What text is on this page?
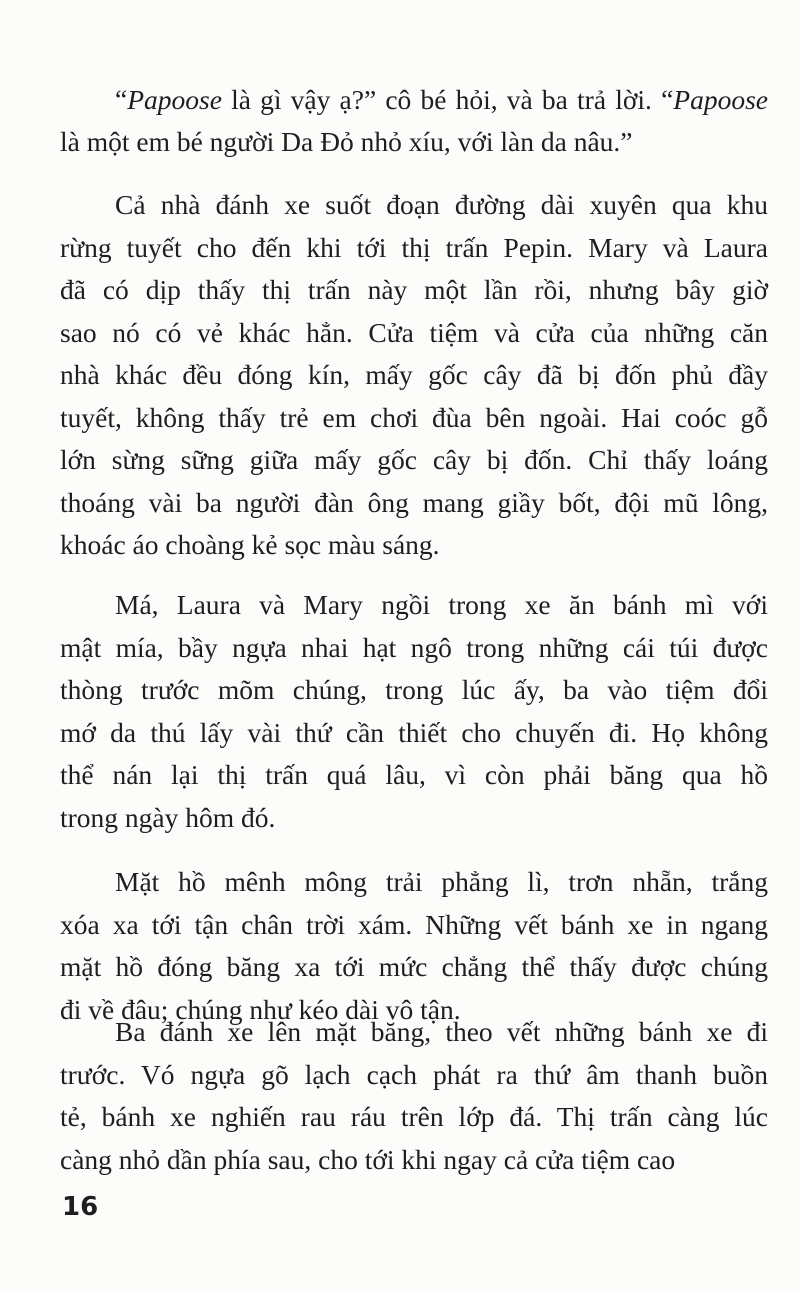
“Papoose là gì vậy ạ?” cô bé hỏi, và ba trả lời. “Papoose
là một em bé người Da Đỏ nhỏ xíu, với làn da nâu.”
Cả nhà đánh xe suốt đoạn đường dài xuyên qua khu
rừng tuyết cho đến khi tới thị trấn Pepin. Mary và Laura
đã có dịp thấy thị trấn này một lần rồi, nhưng bây giờ
sao nó có vẻ khác hẳn. Cửa tiệm và cửa của những căn
nhà khác đều đóng kín, mấy gốc cây đã bị đốn phủ đầy
tuyết, không thấy trẻ em chơi đùa bên ngoài. Hai coóc gỗ
lớn sừng sững giữa mấy gốc cây bị đốn. Chỉ thấy loáng
thoáng vài ba người đàn ông mang giầy bốt, đội mũ lông,
khoác áo choàng kẻ sọc màu sáng.
Má, Laura và Mary ngồi trong xe ăn bánh mì với
mật mía, bầy ngựa nhai hạt ngô trong những cái túi được
thòng trước mõm chúng, trong lúc ấy, ba vào tiệm đổi
mớ da thú lấy vài thứ cần thiết cho chuyến đi. Họ không
thể nán lại thị trấn quá lâu, vì còn phải băng qua hồ
trong ngày hôm đó.
Mặt hồ mênh mông trải phẳng lì, trơn nhẵn, trắng
xóa xa tới tận chân trời xám. Những vết bánh xe in ngang
mặt hồ đóng băng xa tới mức chẳng thể thấy được chúng
đi về đâu; chúng như kéo dài vô tận.
Ba đánh xe lên mặt băng, theo vết những bánh xe đi
trước. Vó ngựa gõ lạch cạch phát ra thứ âm thanh buồn
tẻ, bánh xe nghiến rau ráu trên lớp đá. Thị trấn càng lúc
càng nhỏ dần phía sau, cho tới khi ngay cả cửa tiệm cao
16
